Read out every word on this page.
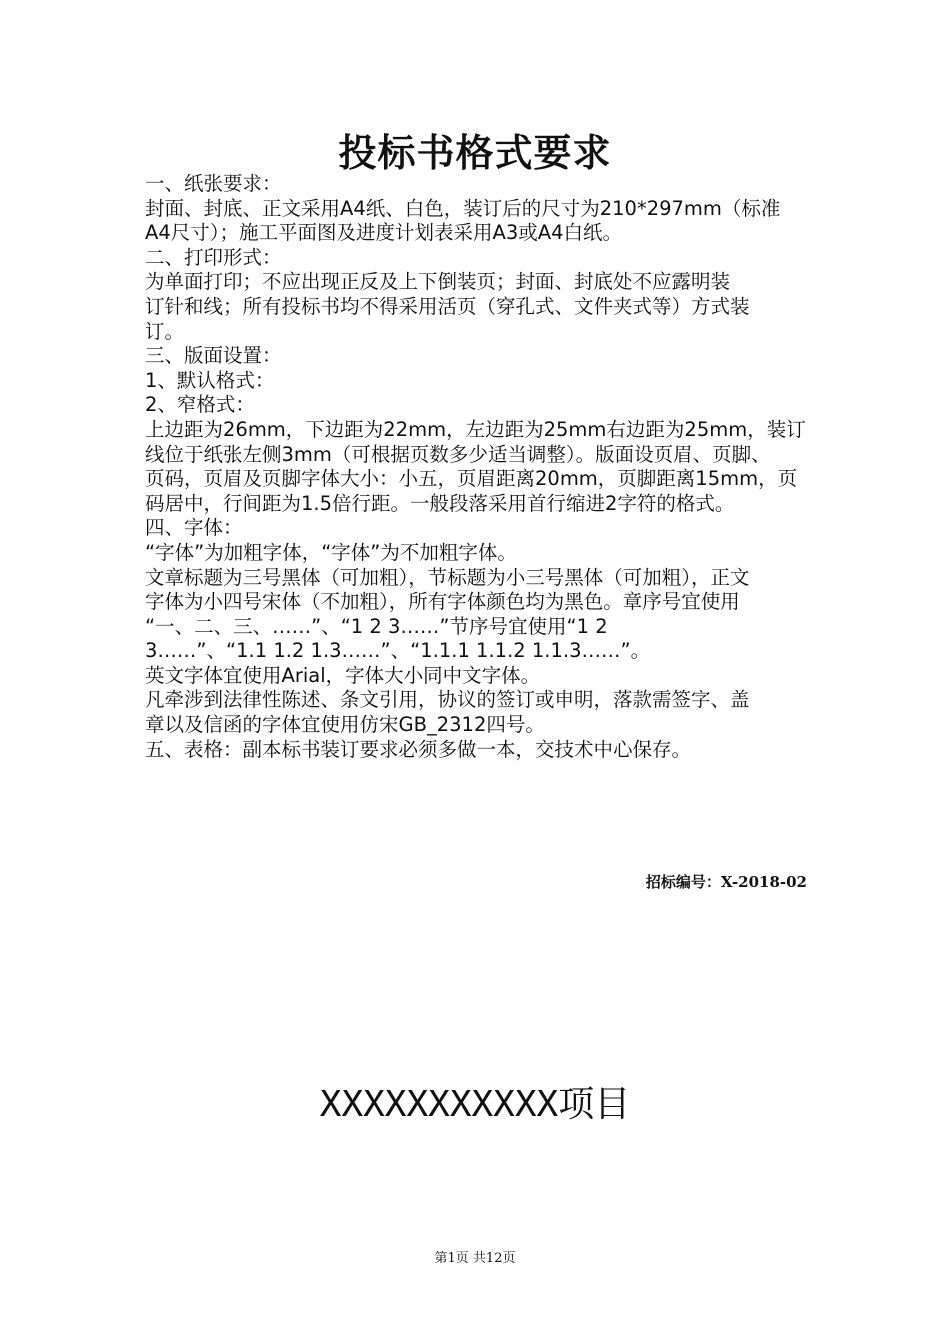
投标书格式要求

一、纸张要求：

封面、封底、正文采用A4纸、白色，装订后的尺寸为210*297mm（标准

A4尺寸）；施工平面图及进度计划表采用A3或A4白纸。

二、打印形式：

为单面打印；不应出现正反及上下倒装页；封面、封底处不应露明装

订针和线；所有投标书均不得采用活页（穿孔式、文件夹式等）方式装

订。

三、版面设置：

1、默认格式：

2、窄格式：

上边距为26mm，下边距为22mm，左边距为25mm右边距为25mm，装订

线位于纸张左侧3mm（可根据页数多少适当调整）。版面设页眉、页脚、

页码，页眉及页脚字体大小：小五，页眉距离20mm，页脚距离15mm，页

码居中，行间距为1.5倍行距。一般段落采用首行缩进2字符的格式。

四、字体：

“字体”为加粗字体，“字体”为不加粗字体。

文章标题为三号黑体（可加粗），节标题为小三号黑体（可加粗），正文

字体为小四号宋体（不加粗），所有字体颜色均为黑色。章序号宜使用

“一、二、三、……”、“1 2 3……”节序号宜使用“1 2

3……”、“1.1 1.2 1.3……”、“1.1.1 1.1.2 1.1.3……”。

英文字体宜使用Arial，字体大小同中文字体。

凡牵涉到法律性陈述、条文引用，协议的签订或申明，落款需签字、盖

章以及信函的字体宜使用仿宋GB_2312四号。

五、表格：副本标书装订要求必须多做一本，交技术中心保存。

招标编号：X-2018-02
XXXXXXXXXXX项目
第1页 共12页
